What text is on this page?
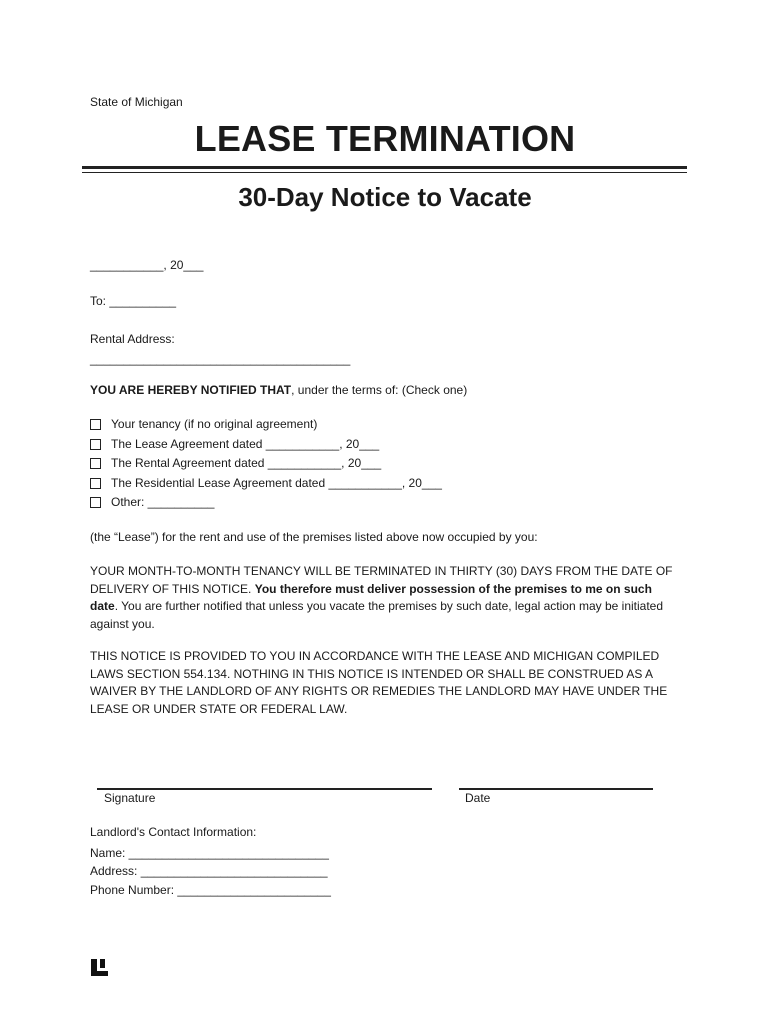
State of Michigan
LEASE TERMINATION
30-Day Notice to Vacate
___________, 20___
To: __________
Rental Address:
_______________________________________
YOU ARE HEREBY NOTIFIED THAT, under the terms of: (Check one)
Your tenancy (if no original agreement)
The Lease Agreement dated ___________, 20___
The Rental Agreement dated ___________, 20___
The Residential Lease Agreement dated ___________, 20___
Other: __________
(the “Lease”) for the rent and use of the premises listed above now occupied by you:
YOUR MONTH-TO-MONTH TENANCY WILL BE TERMINATED IN THIRTY (30) DAYS FROM THE DATE OF DELIVERY OF THIS NOTICE. You therefore must deliver possession of the premises to me on such date. You are further notified that unless you vacate the premises by such date, legal action may be initiated against you.
THIS NOTICE IS PROVIDED TO YOU IN ACCORDANCE WITH THE LEASE AND MICHIGAN COMPILED LAWS SECTION 554.134. NOTHING IN THIS NOTICE IS INTENDED OR SHALL BE CONSTRUED AS A WAIVER BY THE LANDLORD OF ANY RIGHTS OR REMEDIES THE LANDLORD MAY HAVE UNDER THE LEASE OR UNDER STATE OR FEDERAL LAW.
Signature	Date
Landlord's Contact Information:
Name: ______________________________
Address: ____________________________
Phone Number: _______________________
